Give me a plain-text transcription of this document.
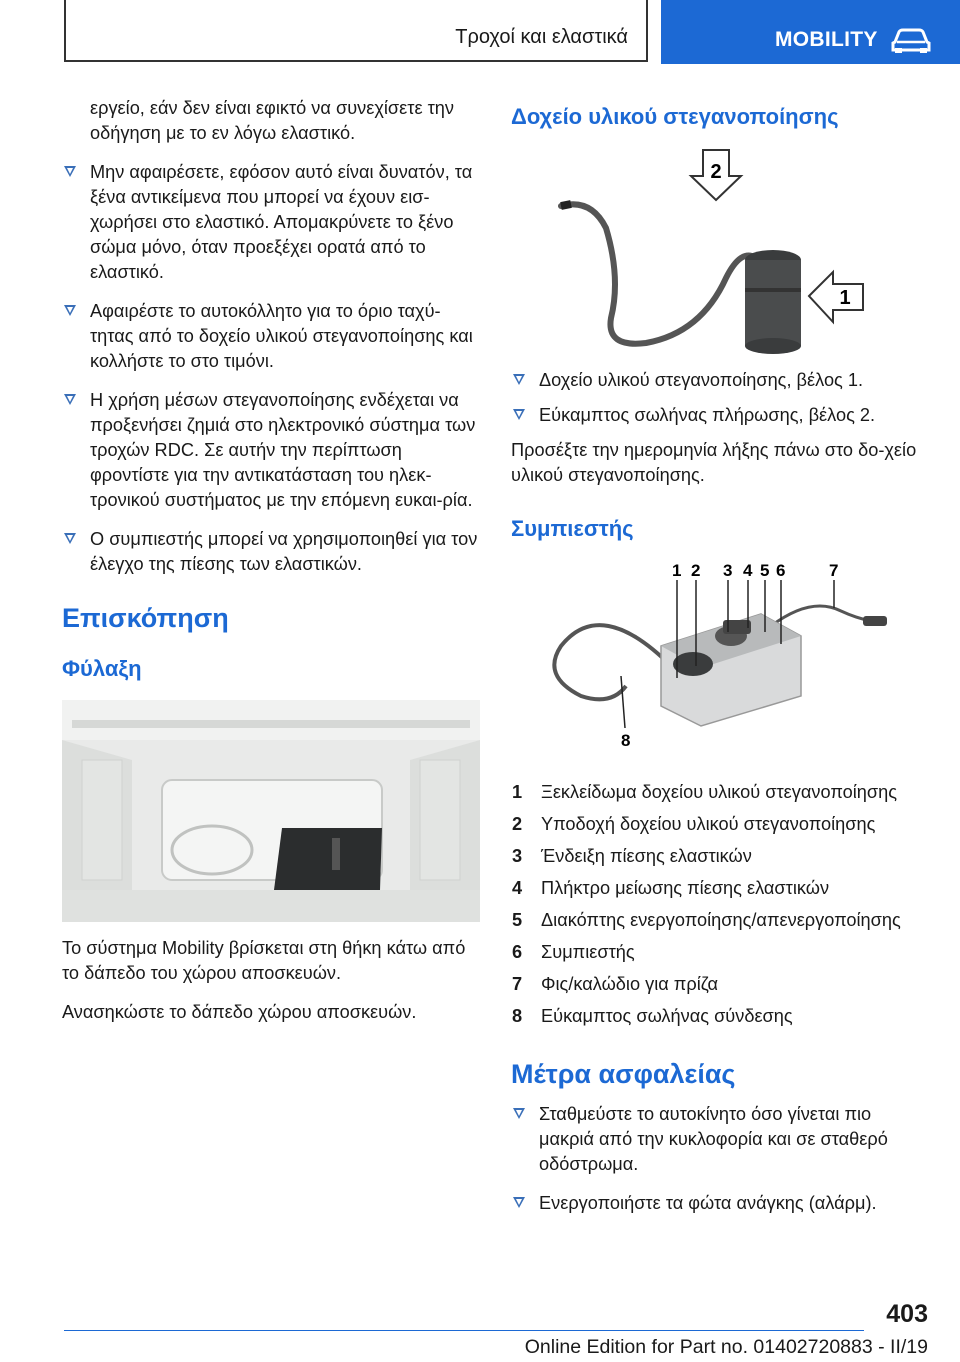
Τροχοί και ελαστικά	MOBILITY

εργείο, εάν δεν είναι εφικτό να συνεχίσετε την οδήγηση με το εν λόγω ελαστικό.

Μην αφαιρέσετε, εφόσον αυτό είναι δυνατόν, τα ξένα αντικείμενα που μπορεί να έχουν εισ‐χωρήσει στο ελαστικό. Απομακρύνετε το ξένο σώμα μόνο, όταν προεξέχει ορατά από το ελαστικό.
Αφαιρέστε το αυτοκόλλητο για το όριο ταχύ‐τητας από το δοχείο υλικού στεγανοποίησης και κολλήστε το στο τιμόνι.
Η χρήση μέσων στεγανοποίησης ενδέχεται να προξενήσει ζημιά στο ηλεκτρονικό σύστημα των τροχών RDC. Σε αυτήν την περίπτωση φροντίστε για την αντικατάσταση του ηλεκ‐τρονικού συστήματος με την επόμενη ευκαι‐ρία.
Ο συμπιεστής μπορεί να χρησιμοποιηθεί για τον έλεγχο της πίεσης των ελαστικών.
Επισκόπηση
Φύλαξη

Το σύστημα Mobility βρίσκεται στη θήκη κάτω από το δάπεδο του χώρου αποσκευών.

Ανασηκώστε το δάπεδο χώρου αποσκευών.

Δοχείο υλικού στεγανοποίησης
2
1
Δοχείο υλικού στεγανοποίησης, βέλος 1.
Εύκαμπτος σωλήνας πλήρωσης, βέλος 2.

Προσέξτε την ημερομηνία λήξης πάνω στο δο‐χείο υλικού στεγανοποίησης.

Συμπιεστής
1 2 3 4 5 6	7
8
1 Ξεκλείδωμα δοχείου υλικού στεγανοποίησης
2 Υποδοχή δοχείου υλικού στεγανοποίησης
3 Ένδειξη πίεσης ελαστικών
4 Πλήκτρο μείωσης πίεσης ελαστικών
5 Διακόπτης ενεργοποίησης/απενεργοποίησης
6 Συμπιεστής
7 Φις/καλώδιο για πρίζα
8 Εύκαμπτος σωλήνας σύνδεσης
Μέτρα ασφαλείας
Σταθμεύστε το αυτοκίνητο όσο γίνεται πιο μακριά από την κυκλοφορία και σε σταθερό οδόστρωμα.
Ενεργοποιήστε τα φώτα ανάγκης (αλάρμ).
403
Online Edition for Part no. 01402720883 - II/19
